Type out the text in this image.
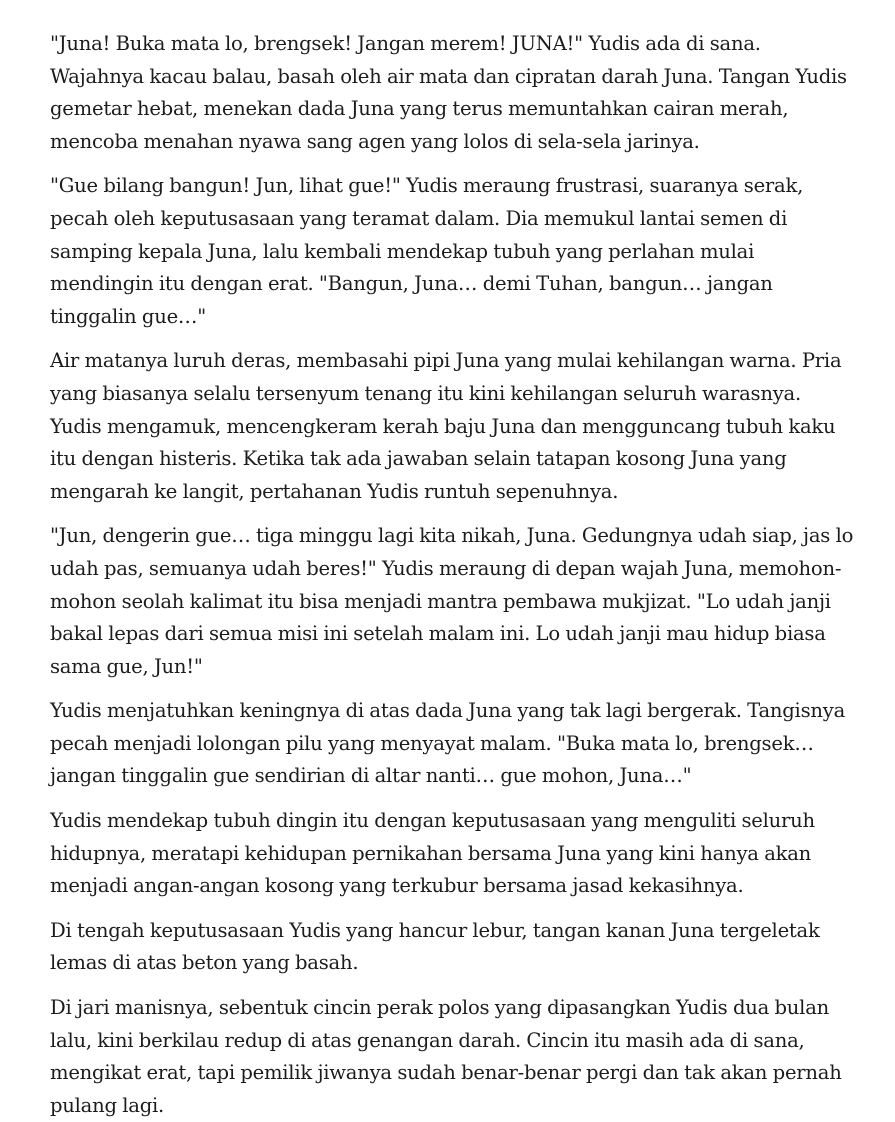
"Juna! Buka mata lo, brengsek! Jangan merem! JUNA!" Yudis ada di sana. Wajahnya kacau balau, basah oleh air mata dan cipratan darah Juna. Tangan Yudis gemetar hebat, menekan dada Juna yang terus memuntahkan cairan merah, mencoba menahan nyawa sang agen yang lolos di sela-sela jarinya.

"Gue bilang bangun! Jun, lihat gue!" Yudis meraung frustrasi, suaranya serak, pecah oleh keputusasaan yang teramat dalam. Dia memukul lantai semen di samping kepala Juna, lalu kembali mendekap tubuh yang perlahan mulai mendingin itu dengan erat. "Bangun, Juna… demi Tuhan, bangun… jangan tinggalin gue…"

Air matanya luruh deras, membasahi pipi Juna yang mulai kehilangan warna. Pria yang biasanya selalu tersenyum tenang itu kini kehilangan seluruh warasnya. Yudis mengamuk, mencengkeram kerah baju Juna dan mengguncang tubuh kaku itu dengan histeris. Ketika tak ada jawaban selain tatapan kosong Juna yang mengarah ke langit, pertahanan Yudis runtuh sepenuhnya.

"Jun, dengerin gue… tiga minggu lagi kita nikah, Juna. Gedungnya udah siap, jas lo udah pas, semuanya udah beres!" Yudis meraung di depan wajah Juna, memohon-mohon seolah kalimat itu bisa menjadi mantra pembawa mukjizat. "Lo udah janji bakal lepas dari semua misi ini setelah malam ini. Lo udah janji mau hidup biasa sama gue, Jun!"

Yudis menjatuhkan keningnya di atas dada Juna yang tak lagi bergerak. Tangisnya pecah menjadi lolongan pilu yang menyayat malam. "Buka mata lo, brengsek… jangan tinggalin gue sendirian di altar nanti… gue mohon, Juna…"

Yudis mendekap tubuh dingin itu dengan keputusasaan yang menguliti seluruh hidupnya, meratapi kehidupan pernikahan bersama Juna yang kini hanya akan menjadi angan-angan kosong yang terkubur bersama jasad kekasihnya.

Di tengah keputusasaan Yudis yang hancur lebur, tangan kanan Juna tergeletak lemas di atas beton yang basah.

Di jari manisnya, sebentuk cincin perak polos yang dipasangkan Yudis dua bulan lalu, kini berkilau redup di atas genangan darah. Cincin itu masih ada di sana, mengikat erat, tapi pemilik jiwanya sudah benar-benar pergi dan tak akan pernah pulang lagi.
